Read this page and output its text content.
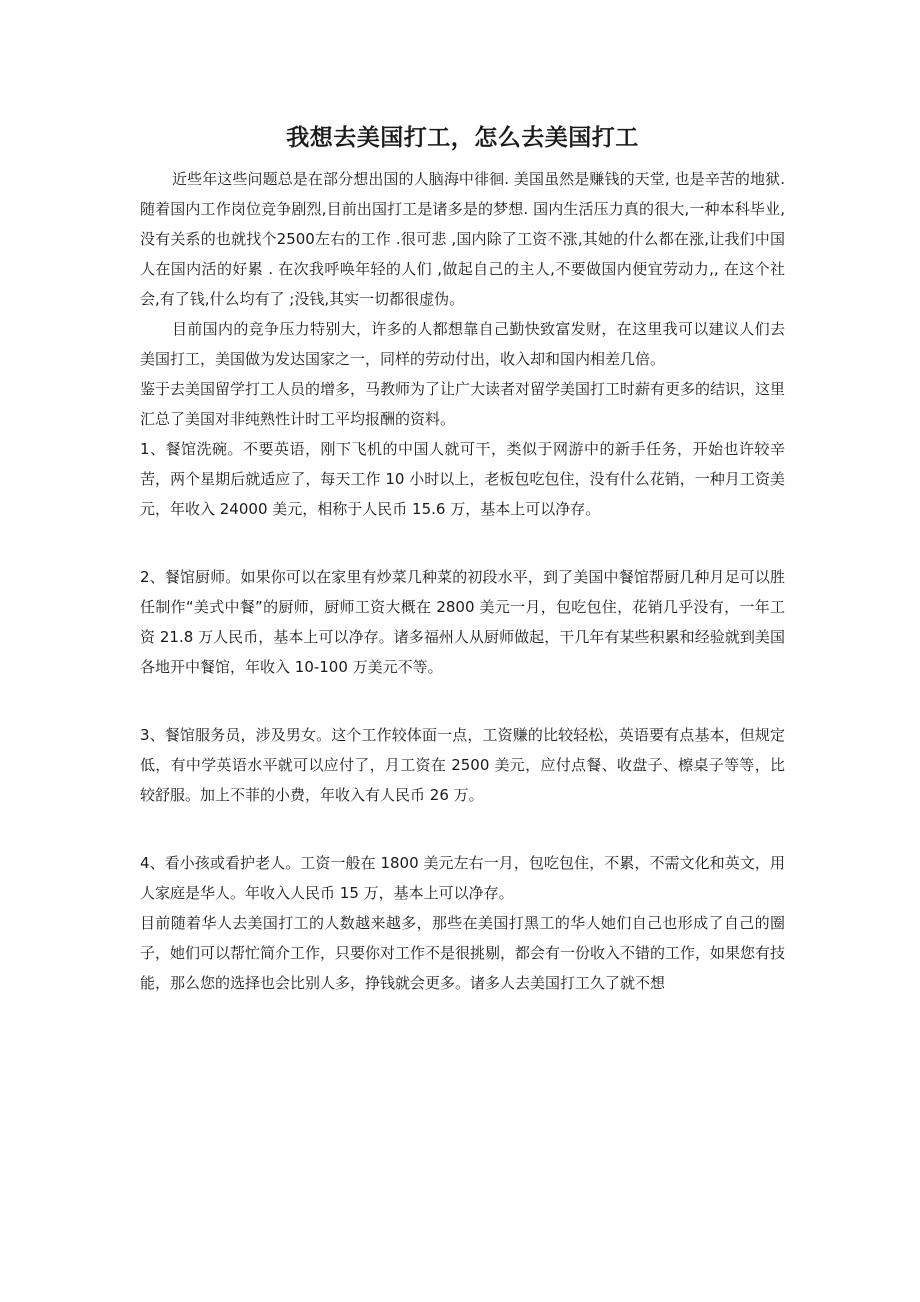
我想去美国打工，怎么去美国打工

近些年这些问题总是在部分想出国的人脑海中徘徊. 美国虽然是赚钱的天堂, 也是辛苦的地狱. 随着国内工作岗位竞争剧烈,目前出国打工是诸多是的梦想. 国内生活压力真的很大,一种本科毕业,没有关系的也就找个2500左右的工作 .很可悲 ,国内除了工资不涨,其她的什么都在涨,让我们中国人在国内活的好累 . 在次我呼唤年轻的人们 ,做起自己的主人,不要做国内便宜劳动力,, 在这个社会,有了钱,什么均有了 ;没钱,其实一切都很虚伪。

目前国内的竞争压力特别大，许多的人都想靠自己勤快致富发财，在这里我可以建议人们去美国打工，美国做为发达国家之一，同样的劳动付出，收入却和国内相差几倍。

鉴于去美国留学打工人员的增多，马教师为了让广大读者对留学美国打工时薪有更多的结识，这里汇总了美国对非纯熟性计时工平均报酬的资料。

1、餐馆洗碗。不要英语，刚下飞机的中国人就可干，类似于网游中的新手任务，开始也许较辛苦，两个星期后就适应了，每天工作 10 小时以上，老板包吃包住，没有什么花销，一种月工资美元，年收入 24000 美元，相称于人民币 15.6 万，基本上可以净存。

2、餐馆厨师。如果你可以在家里有炒菜几种菜的初段水平，到了美国中餐馆帮厨几种月足可以胜任制作“美式中餐”的厨师，厨师工资大概在 2800 美元一月，包吃包住，花销几乎没有，一年工资 21.8 万人民币，基本上可以净存。诸多福州人从厨师做起，干几年有某些积累和经验就到美国各地开中餐馆，年收入 10-100 万美元不等。

3、餐馆服务员，涉及男女。这个工作较体面一点，工资赚的比较轻松，英语要有点基本，但规定低，有中学英语水平就可以应付了，月工资在 2500 美元，应付点餐、收盘子、檫桌子等等，比较舒服。加上不菲的小费，年收入有人民币 26 万。

4、看小孩或看护老人。工资一般在 1800 美元左右一月，包吃包住，不累，不需文化和英文，用人家庭是华人。年收入人民币 15 万，基本上可以净存。

目前随着华人去美国打工的人数越来越多，那些在美国打黑工的华人她们自己也形成了自己的圈子，她们可以帮忙简介工作，只要你对工作不是很挑剔，都会有一份收入不错的工作，如果您有技能，那么您的选择也会比别人多，挣钱就会更多。诸多人去美国打工久了就不想
